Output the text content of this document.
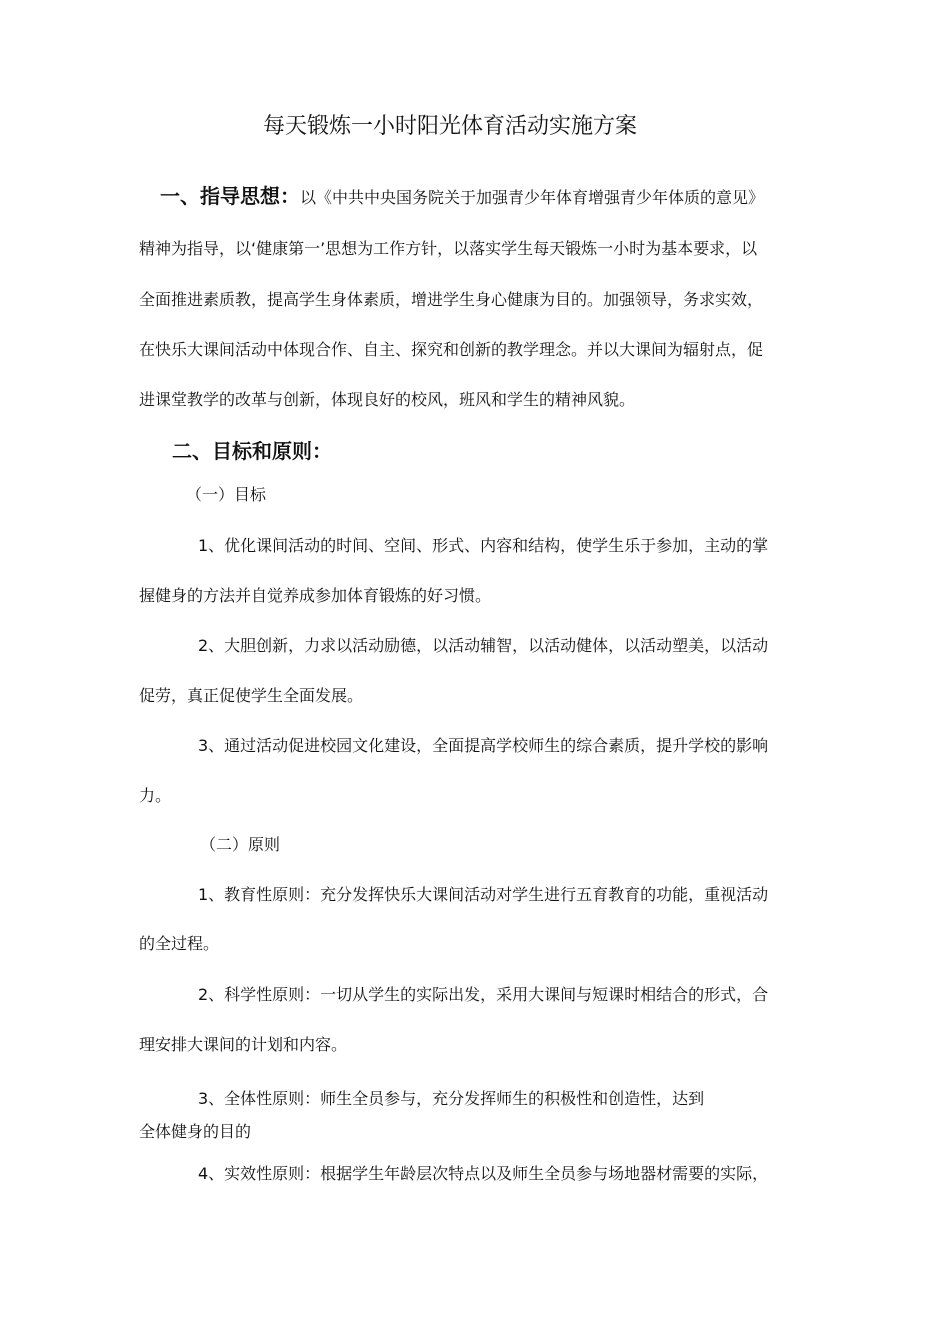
每天锻炼一小时阳光体育活动实施方案
一、指导思想：以《中共中央国务院关于加强青少年体育增强青少年体质的意见》
精神为指导，以‘健康第一’思想为工作方针，以落实学生每天锻炼一小时为基本要求，以
全面推进素质教，提高学生身体素质，增进学生身心健康为目的。加强领导，务求实效，
在快乐大课间活动中体现合作、自主、探究和创新的教学理念。并以大课间为辐射点，促
进课堂教学的改革与创新，体现良好的校风，班风和学生的精神风貌。
二、目标和原则：
（一）目标
1、优化课间活动的时间、空间、形式、内容和结构，使学生乐于参加，主动的掌
握健身的方法并自觉养成参加体育锻炼的好习惯。
2、大胆创新，力求以活动励德，以活动辅智，以活动健体，以活动塑美，以活动
促劳，真正促使学生全面发展。
3、通过活动促进校园文化建设，全面提高学校师生的综合素质，提升学校的影响
力。
（二）原则
1、教育性原则：充分发挥快乐大课间活动对学生进行五育教育的功能，重视活动
的全过程。
2、科学性原则：一切从学生的实际出发，采用大课间与短课时相结合的形式，合
理安排大课间的计划和内容。
3、全体性原则：师生全员参与，充分发挥师生的积极性和创造性，达到
全体健身的目的
4、实效性原则：根据学生年龄层次特点以及师生全员参与场地器材需要的实际，
